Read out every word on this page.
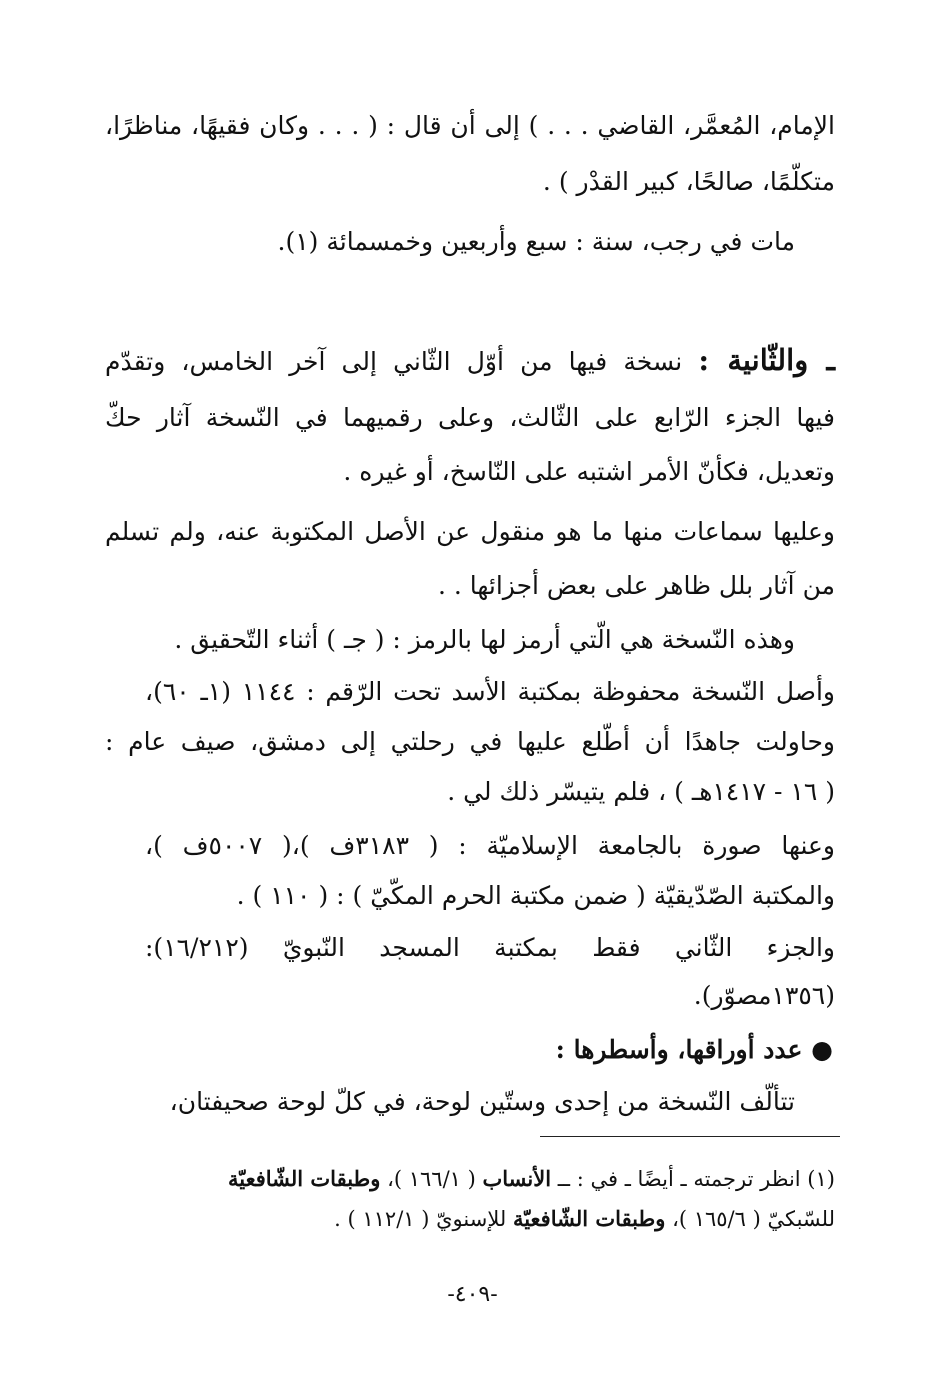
الإمام، المُعمَّر، القاضي . . . ) إلى أن قال : ( . . . وكان فقيهًا، مناظرًا،
متكلّمًا، صالحًا، كبير القدْر ) .
مات في رجب، سنة : سبع وأربعين وخمسمائة (١).
ـ والثّانية : نسخة فيها من أوّل الثّاني إلى آخر الخامس، وتقدّم
فيها الجزء الرّابع على الثّالث، وعلى رقميهما في النّسخة آثار حكّ
وتعديل، فكأنّ الأمر اشتبه على النّاسخ، أو غيره .
وعليها سماعات منها ما هو منقول عن الأصل المكتوبة عنه، ولم تسلم
من آثار بلل ظاهر على بعض أجزائها . .
وهذه النّسخة هي الّتي أرمز لها بالرمز : ( جـ ) أثناء التّحقيق .
وأصل النّسخة محفوظة بمكتبة الأسد تحت الرّقم : ١١٤٤ (١ـ ٦٠)،
وحاولت جاهدًا أن أطّلع عليها في رحلتي إلى دمشق، صيف عام :
( ١٦ - ١٤١٧هـ ) ، فلم يتيسّر ذلك لي .
وعنها صورة بالجامعة الإسلاميّة : ( ٣١٨٣ف )،( ٥٠٠٧ف )،
والمكتبة الصّدّيقيّة ( ضمن مكتبة الحرم المكّيّ ) : ( ١١٠ ) .
والجزء الثّاني فقط بمكتبة المسجد النّبويّ (١٦/٢١٢):
(١٣٥٦مصوّر).
● عدد أوراقها، وأسطرها :
تتألّف النّسخة من إحدى وستّين لوحة، في كلّ لوحة صحيفتان،
(١) انظر ترجمته ـ أيضًا ـ في : ــ الأنساب ( ١٦٦/١ )، وطبقات الشّافعيّة
للسّبكيّ ( ١٦٥/٦ )، وطبقات الشّافعيّة للإسنويّ ( ١١٢/١ ) .
-٤٠٩-
